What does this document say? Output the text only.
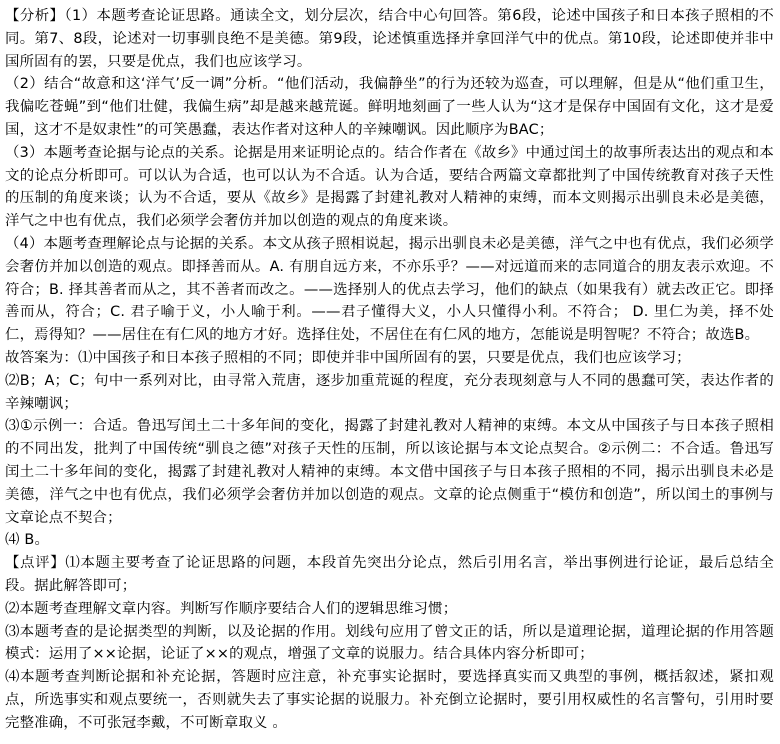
【分析】（1）本题考查论证思路。通读全文，划分层次，结合中心句回答。第6段，论述中国孩子和日本孩子照相的不同。第7、8段，论述对一切事驯良绝不是美德。第9段，论述慎重选择并拿回洋气中的优点。第10段，论述即使并非中国所固有的罢，只要是优点，我们也应该学习。

（2）结合“故意和这‘洋气’反一调”分析。“他们活动，我偏静坐”的行为还较为巡查，可以理解，但是从“他们重卫生，我偏吃苍蝇”到“他们壮健，我偏生病”却是越来越荒诞。鲜明地刻画了一些人认为“这才是保存中国固有文化，这才是爱国，这才不是奴隶性”的可笑愚蠢，表达作者对这种人的辛辣嘲讽。因此顺序为BAC；

（3）本题考查论据与论点的关系。论据是用来证明论点的。结合作者在《故乡》中通过闰土的故事所表达出的观点和本文的论点分析即可。可以认为合适，也可以认为不合适。认为合适，要结合两篇文章都批判了中国传统教育对孩子天性的压制的角度来谈；认为不合适，要从《故乡》是揭露了封建礼教对人精神的束缚，而本文则揭示出驯良未必是美德，洋气之中也有优点，我们必须学会奢仿并加以创造的观点的角度来谈。

（4）本题考查理解论点与论据的关系。本文从孩子照相说起，揭示出驯良未必是美德，洋气之中也有优点，我们必须学会奢仿并加以创造的观点。即择善而从。A. 有朋自远方来，不亦乐乎？——对远道而来的志同道合的朋友表示欢迎。不符合；B. 择其善者而从之，其不善者而改之。——选择别人的优点去学习，他们的缺点（如果我有）就去改正它。即择善而从，符合；C. 君子喻于义，小人喻于利。——君子懂得大义，小人只懂得小利。不符合； D. 里仁为美，择不处仁，焉得知？——居住在有仁风的地方才好。选择住处，不居住在有仁风的地方，怎能说是明智呢？不符合；故选B。

故答案为：⑴中国孩子和日本孩子照相的不同；即使并非中国所固有的罢，只要是优点，我们也应该学习；

⑵B；A；C；句中一系列对比，由寻常入荒唐，逐步加重荒诞的程度，充分表现刻意与人不同的愚蠢可笑，表达作者的辛辣嘲讽；

⑶①示例一：合适。鲁迅写闰土二十多年间的变化，揭露了封建礼教对人精神的束缚。本文从中国孩子与日本孩子照相的不同出发，批判了中国传统“驯良之德”对孩子天性的压制，所以该论据与本文论点契合。②示例二：不合适。鲁迅写闰土二十多年间的变化，揭露了封建礼教对人精神的束缚。本文借中国孩子与日本孩子照相的不同，揭示出驯良未必是美德，洋气之中也有优点，我们必须学会奢仿并加以创造的观点。文章的论点侧重于“模仿和创造”，所以闰土的事例与文章论点不契合；

⑷ B。

【点评】⑴本题主要考查了论证思路的问题，本段首先突出分论点，然后引用名言，举出事例进行论证，最后总结全段。据此解答即可；

⑵本题考查理解文章内容。判断写作顺序要结合人们的逻辑思维习惯；

⑶本题考查的是论据类型的判断，以及论据的作用。划线句应用了曾文正的话，所以是道理论据，道理论据的作用答题模式：运用了××论据，论证了××的观点，增强了文章的说服力。结合具体内容分析即可；

⑷本题考查判断论据和补充论据，答题时应注意，补充事实论据时，要选择真实而又典型的事例，概括叙述，紧扣观点，所选事实和观点要统一，否则就失去了事实论据的说服力。补充倒立论据时，要引用权威性的名言警句，引用时要完整准确，不可张冠李戴，不可断章取义 。
